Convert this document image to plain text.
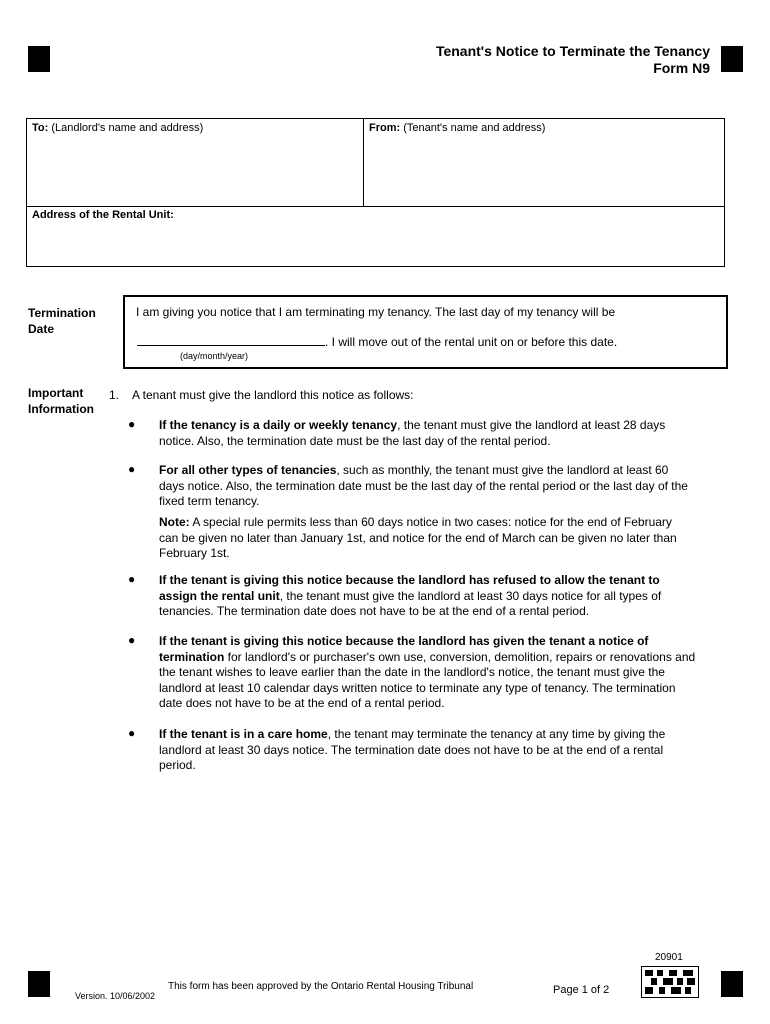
Tenant's Notice to Terminate the Tenancy
Form N9
To: (Landlord's name and address)	From: (Tenant's name and address)
Address of the Rental Unit:
Termination
Date
I am giving you notice that I am terminating my tenancy. The last day of my tenancy will be
. I will move out of the rental unit on or before this date.
(day/month/year)
Important
Information
1. A tenant must give the landlord this notice as follows:
● If the tenancy is a daily or weekly tenancy, the tenant must give the landlord at least 28 days
notice. Also, the termination date must be the last day of the rental period.
● For all other types of tenancies, such as monthly, the tenant must give the landlord at least 60
days notice. Also, the termination date must be the last day of the rental period or the last day of the
fixed term tenancy.
Note: A special rule permits less than 60 days notice in two cases: notice for the end of February
can be given no later than January 1st, and notice for the end of March can be given no later than
February 1st.
● If the tenant is giving this notice because the landlord has refused to allow the tenant to
assign the rental unit, the tenant must give the landlord at least 30 days notice for all types of
tenancies. The termination date does not have to be at the end of a rental period.
● If the tenant is giving this notice because the landlord has given the tenant a notice of
termination for landlord's or purchaser's own use, conversion, demolition, repairs or renovations and
the tenant wishes to leave earlier than the date in the landlord's notice, the tenant must give the
landlord at least 10 calendar days written notice to terminate any type of tenancy. The termination
date does not have to be at the end of a rental period.
● If the tenant is in a care home, the tenant may terminate the tenancy at any time by giving the
landlord at least 30 days notice. The termination date does not have to be at the end of a rental
period.
20901
Version. 10/06/2002
This form has been approved by the Ontario Rental Housing Tribunal	Page 1 of 2
